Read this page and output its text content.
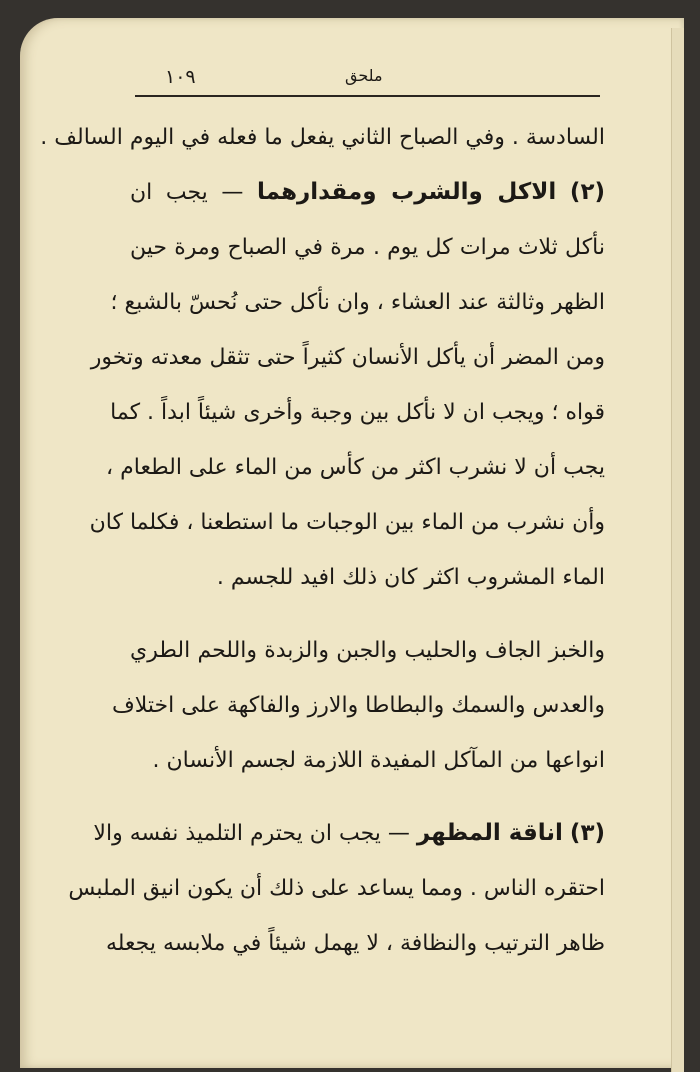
١٠٩	ملحق
السادسة . وفي الصباح الثاني يفعل ما فعله في اليوم السالف .
(٢) الاكل والشرب ومقدارهما — يجب ان
نأكل ثلاث مرات كل يوم . مرة في الصباح ومرة حين
الظهر وثالثة عند العشاء ، وان نأكل حتى نُحسّ بالشبع ؛
ومن المضر أن يأكل الأنسان كثيراً حتى تثقل معدته وتخور
قواه ؛ ويجب ان لا نأكل بين وجبة وأخرى شيئاً ابداً . كما
يجب أن لا نشرب اكثر من كأس من الماء على الطعام ،
وأن نشرب من الماء بين الوجبات ما استطعنا ، فكلما كان
الماء المشروب اكثر كان ذلك افيد للجسم .
والخبز الجاف والحليب والجبن والزبدة واللحم الطري
والعدس والسمك والبطاطا والارز والفاكهة على اختلاف
انواعها من المآكل المفيدة اللازمة لجسم الأنسان .
(٣) اناقة المظهر — يجب ان يحترم التلميذ نفسه والا
احتقره الناس . ومما يساعد على ذلك أن يكون انيق الملبس
ظاهر الترتيب والنظافة ، لا يهمل شيئاً في ملابسه يجعله
